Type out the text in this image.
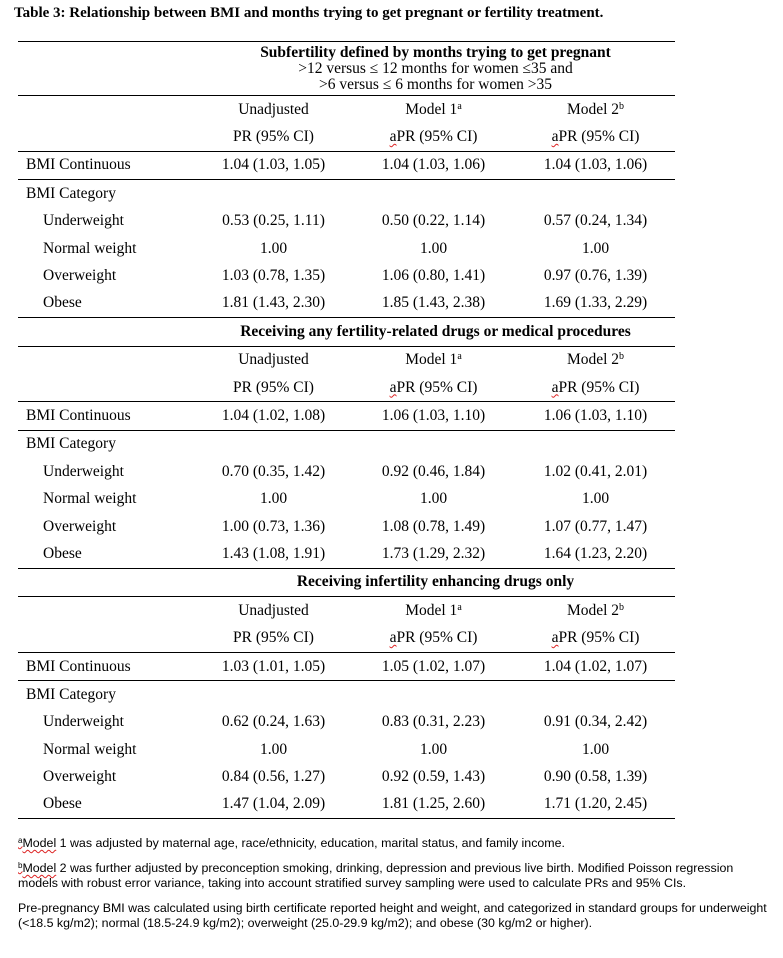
Table 3: Relationship between BMI and months trying to get pregnant or fertility treatment.
	Subfertility defined by months trying to get pregnant
>12 versus ≤ 12 months for women ≤35 and
>6 versus ≤ 6 months for women >35		

	Unadjusted	Model 1$^a$	Model 2$^b$
	PR (95% CI)	aPR (95% CI)	aPR (95% CI)
BMI Continuous	1.04 (1.03, 1.05)	1.04 (1.03, 1.06)	1.04 (1.03, 1.06)
BMI Category			
Underweight	0.53 (0.25, 1.11)	0.50 (0.22, 1.14)	0.57 (0.24, 1.34)
Normal weight	1.00	1.00	1.00
Overweight	1.03 (0.78, 1.35)	1.06 (0.80, 1.41)	0.97 (0.76, 1.39)
Obese	1.81 (1.43, 2.30)	1.85 (1.43, 2.38)	1.69 (1.33, 2.29)
	Receiving any fertility-related drugs or medical procedures		
	Unadjusted	Model 1$^a$	Model 2$^b$
	PR (95% CI)	aPR (95% CI)	aPR (95% CI)
BMI Continuous	1.04 (1.02, 1.08)	1.06 (1.03, 1.10)	1.06 (1.03, 1.10)
BMI Category			
Underweight	0.70 (0.35, 1.42)	0.92 (0.46, 1.84)	1.02 (0.41, 2.01)
Normal weight	1.00	1.00	1.00
Overweight	1.00 (0.73, 1.36)	1.08 (0.78, 1.49)	1.07 (0.77, 1.47)
Obese	1.43 (1.08, 1.91)	1.73 (1.29, 2.32)	1.64 (1.23, 2.20)
	Receiving infertility enhancing drugs only		
	Unadjusted	Model 1$^a$	Model 2$^b$
	PR (95% CI)	aPR (95% CI)	aPR (95% CI)
BMI Continuous	1.03 (1.01, 1.05)	1.05 (1.02, 1.07)	1.04 (1.02, 1.07)
BMI Category			
Underweight	0.62 (0.24, 1.63)	0.83 (0.31, 2.23)	0.91 (0.34, 2.42)
Normal weight	1.00	1.00	1.00
Overweight	0.84 (0.56, 1.27)	0.92 (0.59, 1.43)	0.90 (0.58, 1.39)
Obese	1.47 (1.04, 2.09)	1.81 (1.25, 2.60)	1.71 (1.20, 2.45)

$^a$Model 1 was adjusted by maternal age, race/ethnicity, education, marital status, and family income.

$^b$Model 2 was further adjusted by preconception smoking, drinking, depression and previous live birth. Modified Poisson regression models with robust error variance, taking into account stratified survey sampling were used to calculate PRs and 95% CIs.

Pre-pregnancy BMI was calculated using birth certificate reported height and weight, and categorized in standard groups for underweight (<18.5 kg/m2); normal (18.5-24.9 kg/m2); overweight (25.0-29.9 kg/m2); and obese (30 kg/m2 or higher).
